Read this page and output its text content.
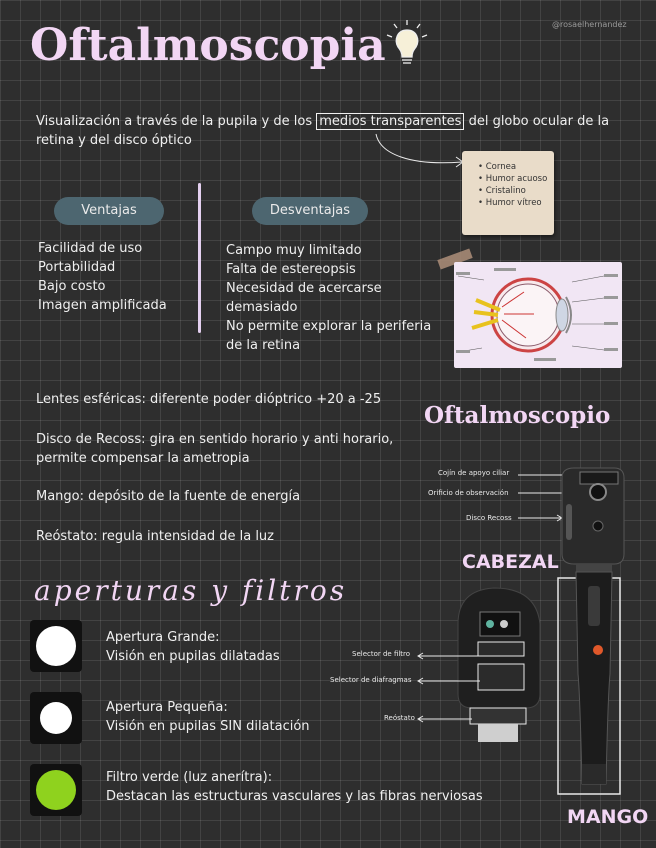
Oftalmoscopia	@rosaelhernandez
Visualización a través de la pupila y de los medios transparentes del globo ocular de la retina y del disco óptico
• Cornea
• Humor acuoso
• Cristalino
• Humor vítreo
Ventajas	Desventajas
Facilidad de uso
Portabilidad
Bajo costo
Imagen amplificada
Campo muy limitado
Falta de estereopsis
Necesidad de acercarse demasiado
No permite explorar la periferia de la retina
Lentes esféricas: diferente poder dióptrico +20 a -25
Disco de Recoss: gira en sentido horario y anti horario, permite compensar la ametropia
Mango: depósito de la fuente de energía
Reóstato: regula intensidad de la luz
Oftalmoscopio
Cojín de apoyo ciliar
Orificio de observación
Disco Recoss
CABEZAL
MANGO
Selector de filtro
Selector de diafragmas
Reóstato
aperturas y filtros
Apertura Grande:
Visión en pupilas dilatadas
Apertura Pequeña:
Visión en pupilas SIN dilatación
Filtro verde (luz anerítra):
Destacan las estructuras vasculares y las fibras nerviosas
